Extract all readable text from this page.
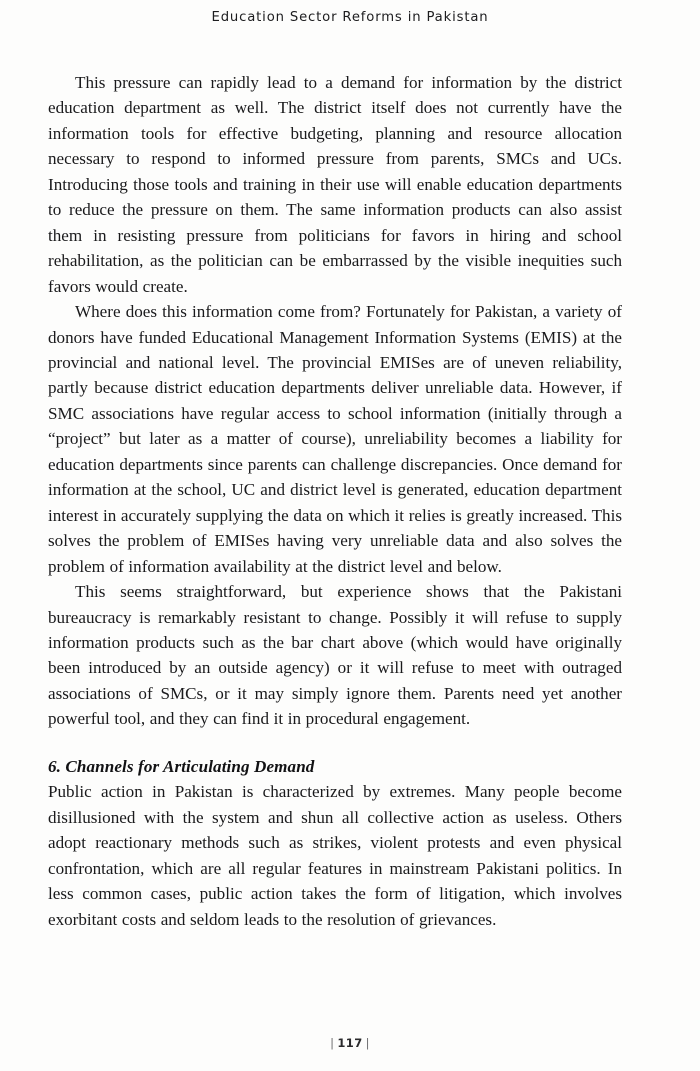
Education Sector Reforms in Pakistan

This pressure can rapidly lead to a demand for information by the district education department as well. The district itself does not currently have the information tools for effective budgeting, planning and resource allocation necessary to respond to informed pressure from parents, SMCs and UCs. Introducing those tools and training in their use will enable education departments to reduce the pressure on them. The same information products can also assist them in resisting pressure from politicians for favors in hiring and school rehabilitation, as the politician can be embarrassed by the visible inequities such favors would create.

Where does this information come from? Fortunately for Pakistan, a variety of donors have funded Educational Management Information Systems (EMIS) at the provincial and national level. The provincial EMISes are of uneven reliability, partly because district education departments deliver unreliable data. However, if SMC associations have regular access to school information (initially through a “project” but later as a matter of course), unreliability becomes a liability for education departments since parents can challenge discrepancies. Once demand for information at the school, UC and district level is generated, education department interest in accurately supplying the data on which it relies is greatly increased. This solves the problem of EMISes having very unreliable data and also solves the problem of information availability at the district level and below.

This seems straightforward, but experience shows that the Pakistani bureaucracy is remarkably resistant to change. Possibly it will refuse to supply information products such as the bar chart above (which would have originally been introduced by an outside agency) or it will refuse to meet with outraged associations of SMCs, or it may simply ignore them. Parents need yet another powerful tool, and they can find it in procedural engagement.

6. Channels for Articulating Demand

Public action in Pakistan is characterized by extremes. Many people become disillusioned with the system and shun all collective action as useless. Others adopt reactionary methods such as strikes, violent protests and even physical confrontation, which are all regular features in mainstream Pakistani politics. In less common cases, public action takes the form of litigation, which involves exorbitant costs and seldom leads to the resolution of grievances.

| 117 |
